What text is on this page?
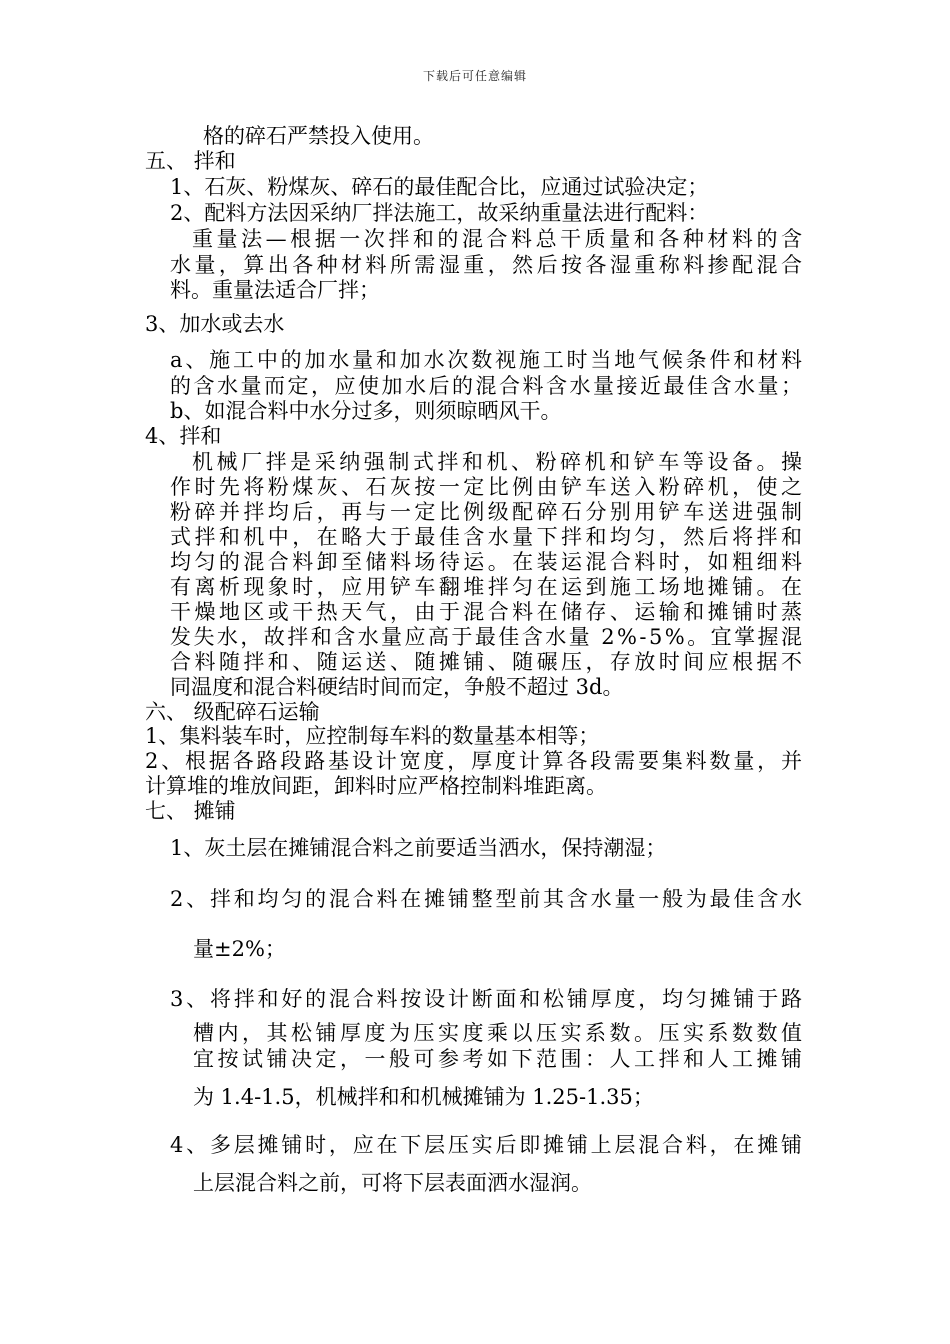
下载后可任意编辑
格的碎石严禁投入使用。
五、 拌和
1、石灰、粉煤灰、碎石的最佳配合比，应通过试验决定；
2、配料方法因采纳厂拌法施工，故采纳重量法进行配料：
重量法—根据一次拌和的混合料总干质量和各种材料的含
水量，算出各种材料所需湿重，然后按各湿重称料掺配混合
料。重量法适合厂拌；
3、加水或去水
a、施工中的加水量和加水次数视施工时当地气候条件和材料
的含水量而定，应使加水后的混合料含水量接近最佳含水量；
b、如混合料中水分过多，则须晾晒风干。
4、拌和
机械厂拌是采纳强制式拌和机、粉碎机和铲车等设备。操
作时先将粉煤灰、石灰按一定比例由铲车送入粉碎机，使之
粉碎并拌均后，再与一定比例级配碎石分别用铲车送进强制
式拌和机中，在略大于最佳含水量下拌和均匀，然后将拌和
均匀的混合料卸至储料场待运。在装运混合料时，如粗细料
有离析现象时，应用铲车翻堆拌匀在运到施工场地摊铺。在
干燥地区或干热天气，由于混合料在储存、运输和摊铺时蒸
发失水，故拌和含水量应高于最佳含水量 2%-5%。宜掌握混
合料随拌和、随运送、随摊铺、随碾压，存放时间应根据不
同温度和混合料硬结时间而定，争般不超过 3d。
六、 级配碎石运输
1、集料装车时，应控制每车料的数量基本相等；
2、根据各路段路基设计宽度，厚度计算各段需要集料数量，并
计算堆的堆放间距，卸料时应严格控制料堆距离。
七、 摊铺
1、灰土层在摊铺混合料之前要适当洒水，保持潮湿；
2、拌和均匀的混合料在摊铺整型前其含水量一般为最佳含水
量±2%；
3、将拌和好的混合料按设计断面和松铺厚度，均匀摊铺于路
槽内，其松铺厚度为压实度乘以压实系数。压实系数数值
宜按试铺决定，一般可参考如下范围：人工拌和人工摊铺
为 1.4-1.5，机械拌和和机械摊铺为 1.25-1.35；
4、多层摊铺时，应在下层压实后即摊铺上层混合料，在摊铺
上层混合料之前，可将下层表面洒水湿润。
